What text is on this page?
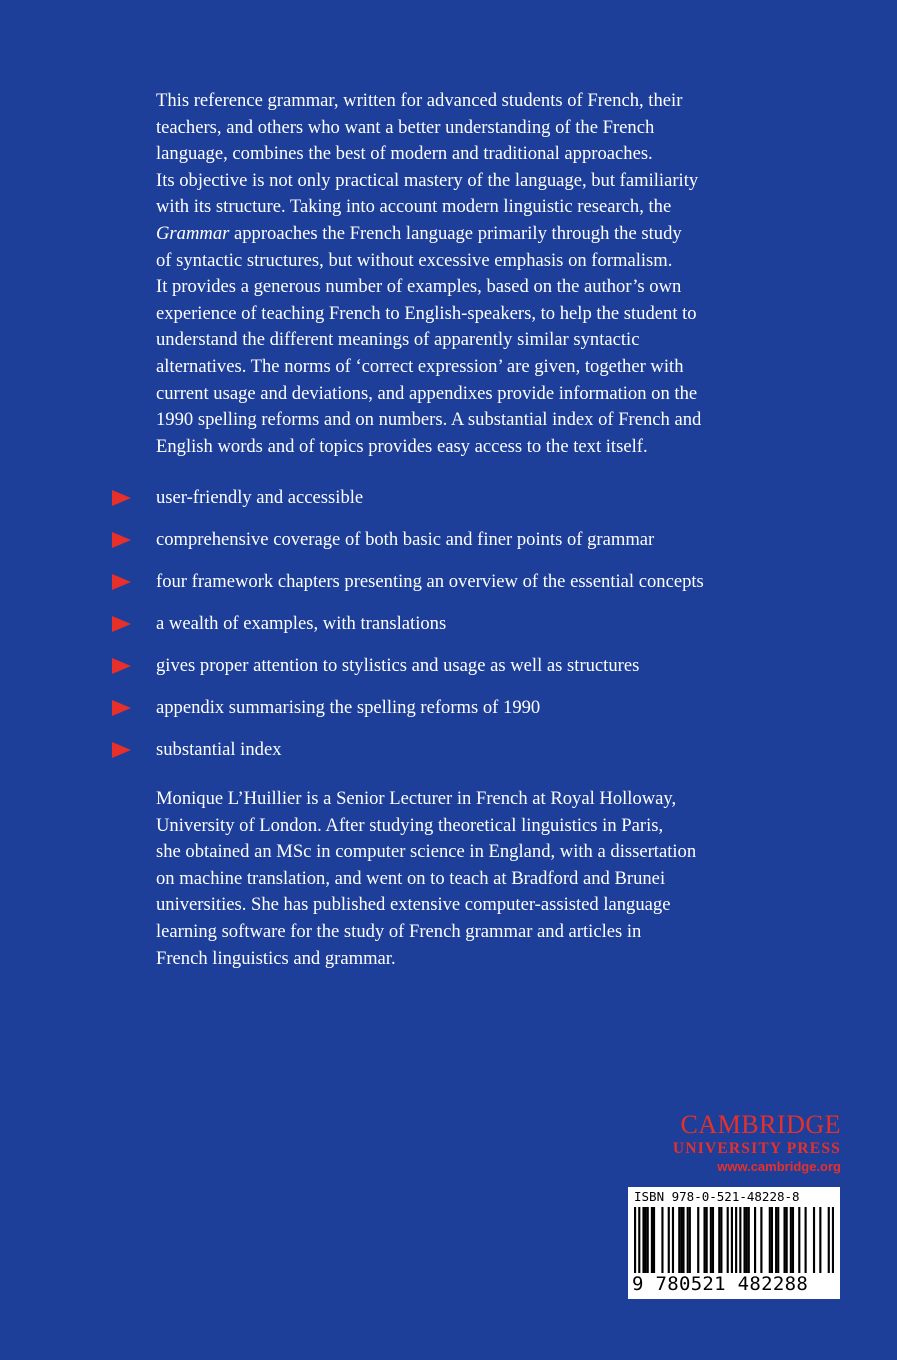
This reference grammar, written for advanced students of French, their
teachers, and others who want a better understanding of the French
language, combines the best of modern and traditional approaches.
Its objective is not only practical mastery of the language, but familiarity
with its structure. Taking into account modern linguistic research, the
Grammar approaches the French language primarily through the study
of syntactic structures, but without excessive emphasis on formalism.
It provides a generous number of examples, based on the author’s own
experience of teaching French to English-speakers, to help the student to
understand the different meanings of apparently similar syntactic
alternatives. The norms of ‘correct expression’ are given, together with
current usage and deviations, and appendixes provide information on the
1990 spelling reforms and on numbers. A substantial index of French and
English words and of topics provides easy access to the text itself.

user-friendly and accessible
comprehensive coverage of both basic and finer points of grammar
four framework chapters presenting an overview of the essential concepts
a wealth of examples, with translations
gives proper attention to stylistics and usage as well as structures
appendix summarising the spelling reforms of 1990
substantial index

Monique L’Huillier is a Senior Lecturer in French at Royal Holloway,
University of London. After studying theoretical linguistics in Paris,
she obtained an MSc in computer science in England, with a dissertation
on machine translation, and went on to teach at Bradford and Brunei
universities. She has published extensive computer-assisted language
learning software for the study of French grammar and articles in
French linguistics and grammar.

CAMBRIDGE
UNIVERSITY PRESS
www.cambridge.org
ISBN 978-0-521-48228-8
9 780521 482288
